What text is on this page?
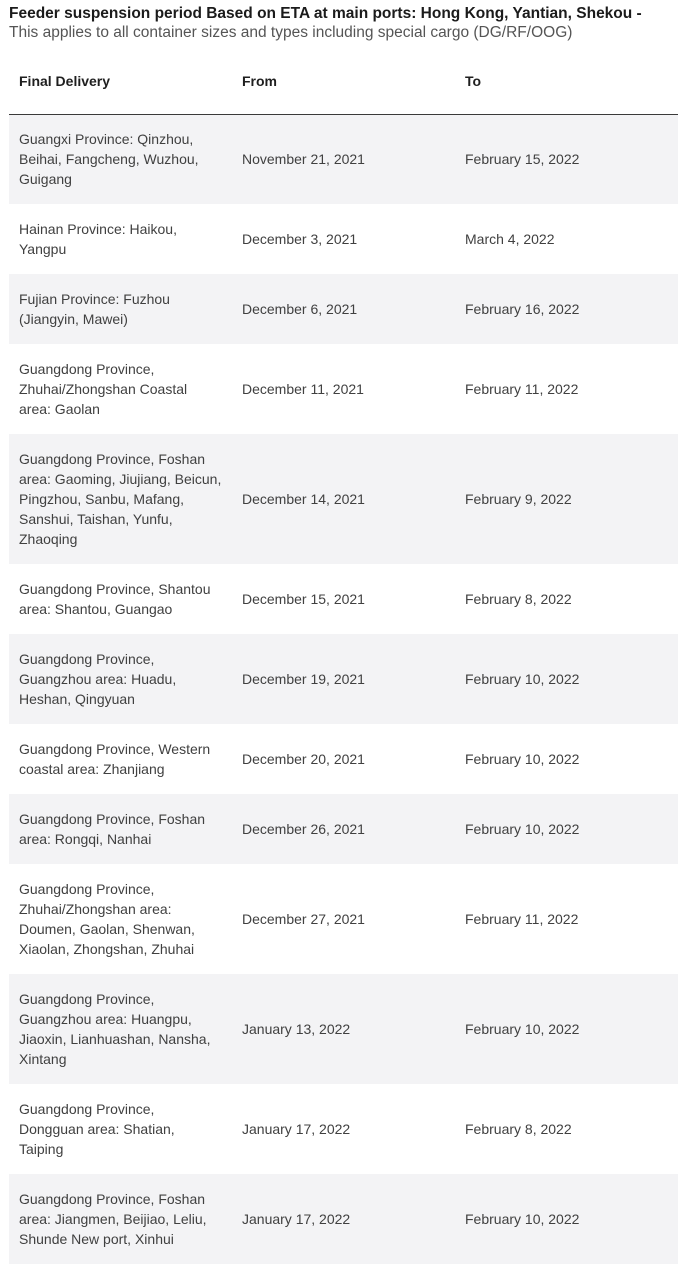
Feeder suspension period Based on ETA at main ports: Hong Kong, Yantian, Shekou -
This applies to all container sizes and types including special cargo (DG/RF/OOG)
Final Delivery	From	To
Guangxi Province: Qinzhou, Beihai, Fangcheng, Wuzhou, Guigang	November 21, 2021	February 15, 2022
Hainan Province: Haikou, Yangpu	December 3, 2021	March 4, 2022
Fujian Province: Fuzhou (Jiangyin, Mawei)	December 6, 2021	February 16, 2022
Guangdong Province, Zhuhai/Zhongshan Coastal area: Gaolan	December 11, 2021	February 11, 2022
Guangdong Province, Foshan area: Gaoming, Jiujiang, Beicun, Pingzhou, Sanbu, Mafang, Sanshui, Taishan, Yunfu, Zhaoqing	December 14, 2021	February 9, 2022
Guangdong Province, Shantou area: Shantou, Guangao	December 15, 2021	February 8, 2022
Guangdong Province, Guangzhou area: Huadu, Heshan, Qingyuan	December 19, 2021	February 10, 2022
Guangdong Province, Western coastal area: Zhanjiang	December 20, 2021	February 10, 2022
Guangdong Province, Foshan area: Rongqi, Nanhai	December 26, 2021	February 10, 2022
Guangdong Province, Zhuhai/Zhongshan area: Doumen, Gaolan, Shenwan, Xiaolan, Zhongshan, Zhuhai	December 27, 2021	February 11, 2022
Guangdong Province, Guangzhou area: Huangpu, Jiaoxin, Lianhuashan, Nansha, Xintang	January 13, 2022	February 10, 2022
Guangdong Province, Dongguan area: Shatian, Taiping	January 17, 2022	February 8, 2022
Guangdong Province, Foshan area: Jiangmen, Beijiao, Leliu, Shunde New port, Xinhui	January 17, 2022	February 10, 2022
